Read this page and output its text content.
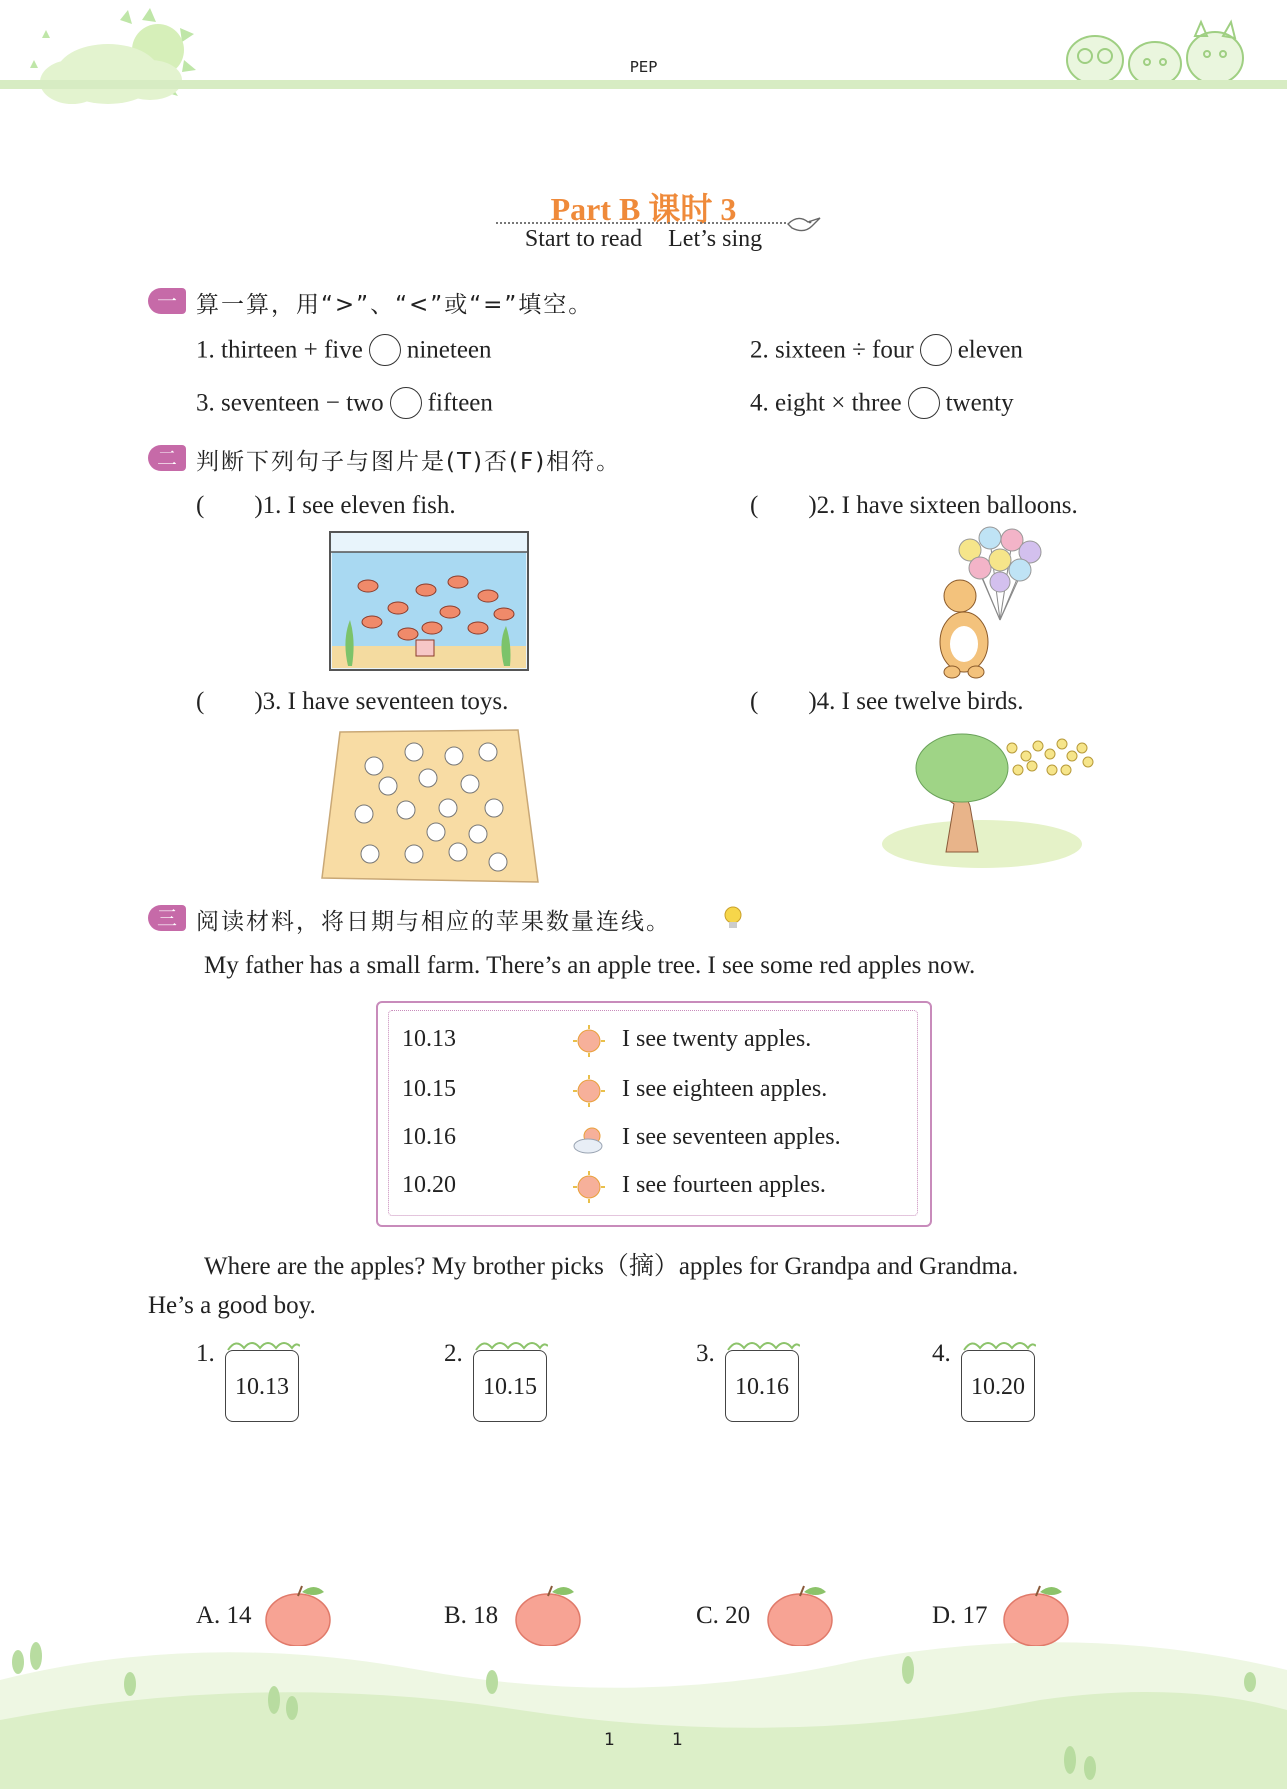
PEP
Part B 课时 3
Start to read Let’s sing
一 算一算，用“>”、“<”或“=”填空。
1. thirteen + five nineteen	2. sixteen ÷ four eleven
3. seventeen − two fifteen	4. eight × three twenty
二 判断下列句子与图片是(T)否(F)相符。
(        )1. I see eleven fish.	(        )2. I have sixteen balloons.
(        )3. I have seventeen toys.	(        )4. I see twelve birds.
三 阅读材料，将日期与相应的苹果数量连线。
My father has a small farm. There’s an apple tree. I see some red apples now.
10.13	I see twenty apples.
10.15	I see eighteen apples.
10.16	I see seventeen apples.
10.20	I see fourteen apples.
Where are the apples? My brother picks（摘）apples for Grandpa and Grandma.
He’s a good boy.
1.
10.13
2.
10.15
3.
10.16
4.
10.20
A. 14	B. 18	C. 20	D. 17
1	1
